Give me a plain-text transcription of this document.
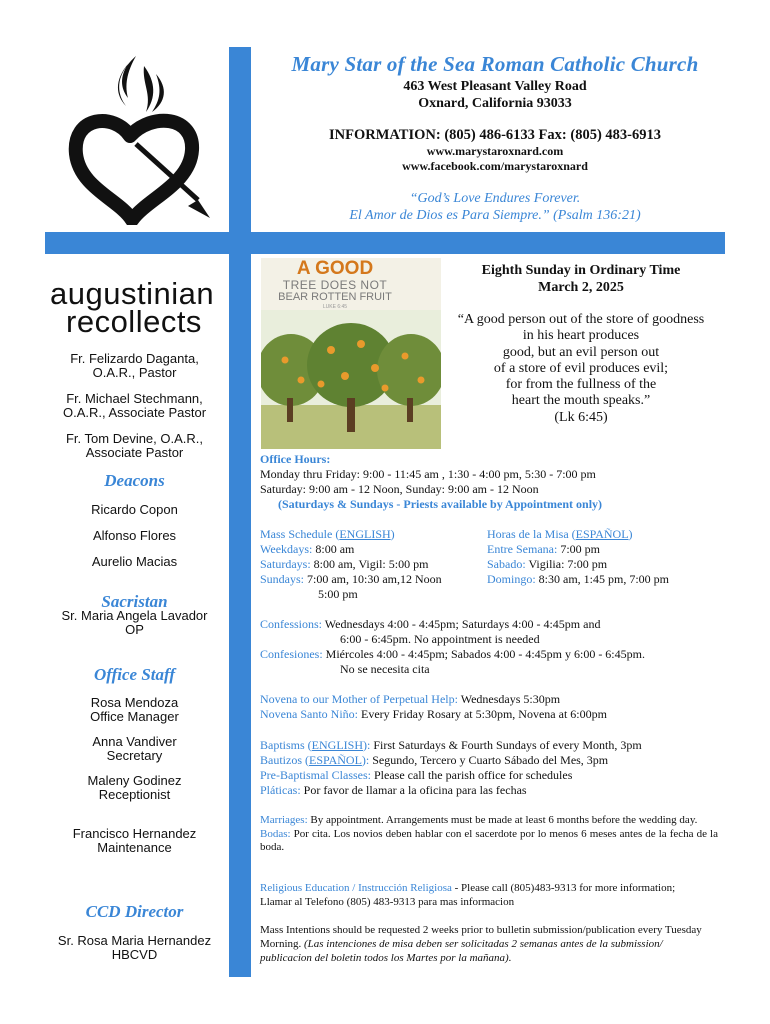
Mary Star of the Sea Roman Catholic Church
463 West Pleasant Valley Road
Oxnard, California 93033
INFORMATION: (805) 486-6133 Fax: (805) 483-6913
www.marystaroxnard.com
www.facebook.com/marystaroxnard
“God’s Love Endures Forever.
El Amor de Dios es Para Siempre.” (Psalm 136:21)
augustinian
recollects
Fr. Felizardo Daganta,
O.A.R., Pastor
Fr. Michael Stechmann,
O.A.R., Associate Pastor
Fr. Tom Devine, O.A.R.,
Associate Pastor
Deacons
Ricardo Copon
Alfonso Flores
Aurelio Macias
Sacristan
Sr. Maria Angela Lavador
OP
Office Staff
Rosa Mendoza
Office Manager
Anna Vandiver
Secretary
Maleny Godinez
Receptionist
Francisco Hernandez
Maintenance
CCD Director
Sr. Rosa Maria Hernandez
HBCVD
A GOOD
TREE DOES NOT
BEAR ROTTEN FRUIT
LUKE 6:45
Eighth Sunday in Ordinary Time
March 2, 2025
“A good person out of the store of goodness
in his heart produces
good, but an evil person out
of a store of evil produces evil;
for from the fullness of the
heart the mouth speaks.”
(Lk 6:45)
Office Hours:
Monday thru Friday: 9:00 - 11:45 am , 1:30 - 4:00 pm, 5:30 - 7:00 pm
Saturday: 9:00 am - 12 Noon, Sunday: 9:00 am - 12 Noon
(Saturdays & Sundays - Priests available by Appointment only)
Mass Schedule (ENGLISH)
Weekdays: 8:00 am
Saturdays: 8:00 am, Vigil: 5:00 pm
Sundays: 7:00 am, 10:30 am,12 Noon
5:00 pm
Horas de la Misa (ESPAÑOL)
Entre Semana: 7:00 pm
Sabado: Vigilia: 7:00 pm
Domingo: 8:30 am, 1:45 pm, 7:00 pm
Confessions: Wednesdays 4:00 - 4:45pm; Saturdays 4:00 - 4:45pm and
6:00 - 6:45pm. No appointment is needed
Confesiones: Miércoles 4:00 - 4:45pm; Sabados 4:00 - 4:45pm y 6:00 - 6:45pm.
No se necesita cita
Novena to our Mother of Perpetual Help: Wednesdays 5:30pm
Novena Santo Niño: Every Friday Rosary at 5:30pm, Novena at 6:00pm
Baptisms (ENGLISH): First Saturdays & Fourth Sundays of every Month, 3pm
Bautizos (ESPAÑOL): Segundo, Tercero y Cuarto Sábado del Mes, 3pm
Pre-Baptismal Classes: Please call the parish office for schedules
Pláticas: Por favor de llamar a la oficina para las fechas
Marriages: By appointment. Arrangements must be made at least 6 months before the wedding day.
Bodas: Por cita. Los novios deben hablar con el sacerdote por lo menos 6 meses antes de la fecha de la boda.
Religious Education / Instrucción Religiosa - Please call (805)483-9313 for more information; Llamar al Telefono (805) 483-9313 para mas informacion
Mass Intentions should be requested 2 weeks prior to bulletin submission/publication every Tuesday Morning. (Las intenciones de misa deben ser solicitadas 2 semanas antes de la submission/ publicacion del boletin todos los Martes por la mañana).
